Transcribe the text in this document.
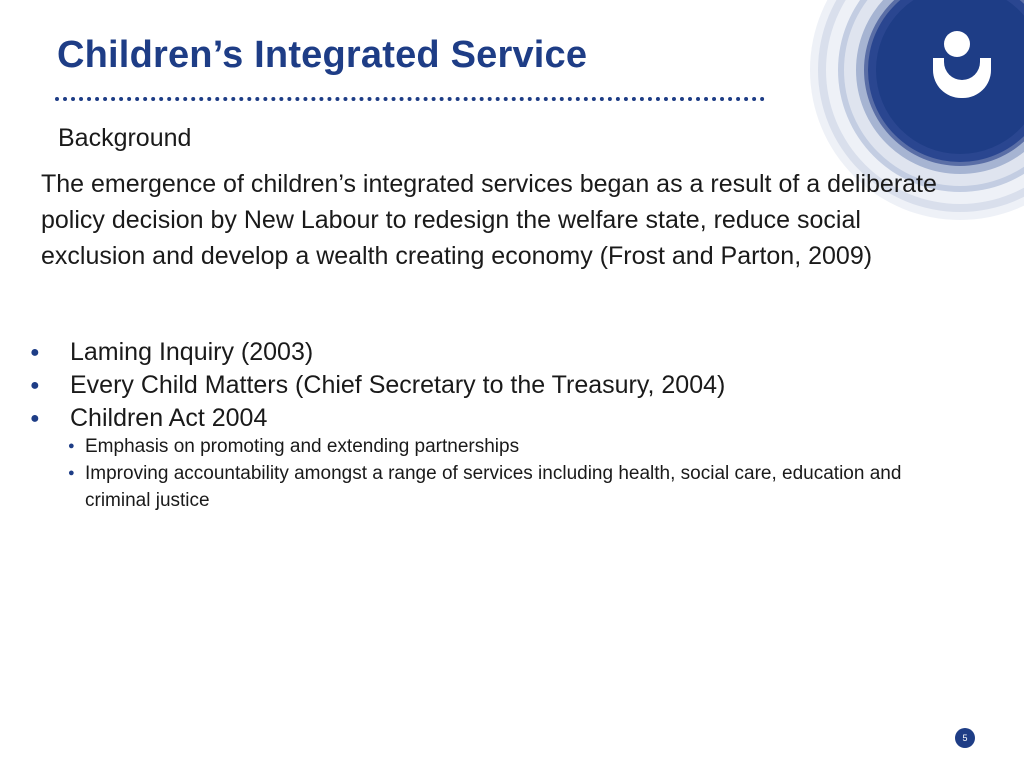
Children’s Integrated Service
Background
The emergence of children’s integrated services began as a result of a deliberate policy decision by New Labour to redesign the welfare state, reduce social exclusion and develop a wealth creating economy (Frost and Parton, 2009)
● Laming Inquiry (2003)
● Every Child Matters (Chief Secretary to the Treasury, 2004)
● Children Act 2004
● Emphasis on promoting and extending partnerships
● Improving accountability amongst a range of services including health, social care, education and criminal justice
5
